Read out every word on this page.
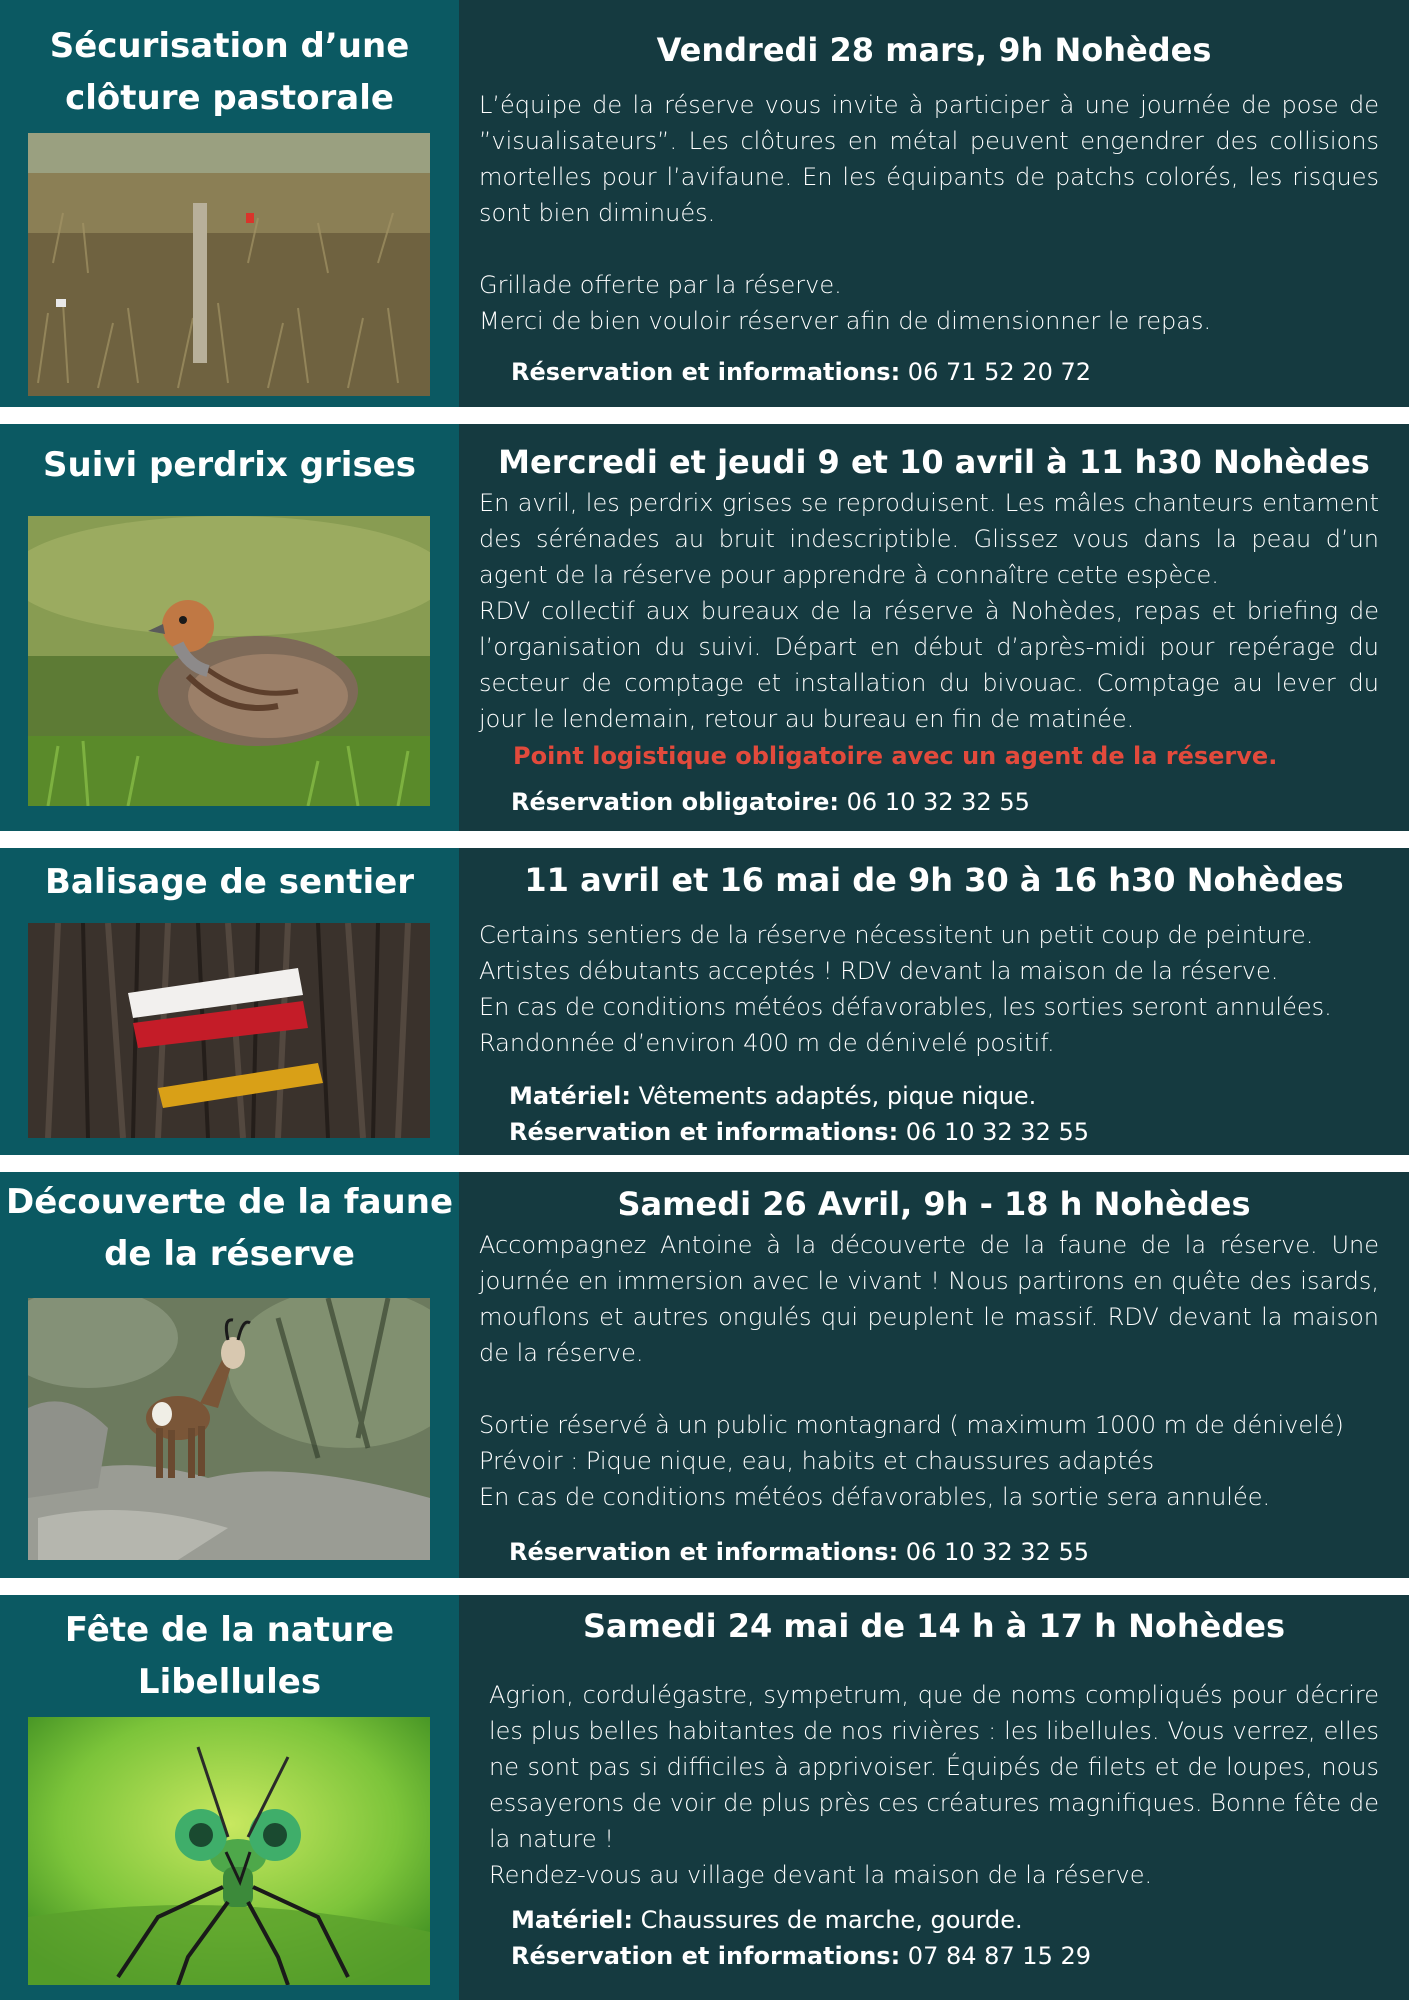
Sécurisation d’une
clôture pastorale
Vendredi 28 mars, 9h Nohèdes

L’équipe de la réserve vous invite à participer à une journée de pose de ”visualisateurs”. Les clôtures en métal peuvent engendrer des collisions mortelles pour l’avifaune. En les équipants de patchs colorés, les risques sont bien diminués.

Grillade offerte par la réserve.

Merci de bien vouloir réserver afin de dimensionner le repas.

Réservation et informations: 06 71 52 20 72
Suivi perdrix grises	Mercredi et jeudi 9 et 10 avril à 11 h30 Nohèdes

En avril, les perdrix grises se reproduisent. Les mâles chanteurs entament des sérénades au bruit indescriptible. Glissez vous dans la peau d’un agent de la réserve pour apprendre à connaître cette espèce.

RDV collectif aux bureaux de la réserve à Nohèdes, repas et briefing de l’organisation du suivi. Départ en début d’après-midi pour repérage du secteur de comptage et installation du bivouac. Comptage au lever du jour le lendemain, retour au bureau en fin de matinée.

Point logistique obligatoire avec un agent de la réserve.
Réservation obligatoire: 06 10 32 32 55
Balisage de sentier	11 avril et 16 mai de 9h 30 à 16 h30 Nohèdes

Certains sentiers de la réserve nécessitent un petit coup de peinture.

Artistes débutants acceptés ! RDV devant la maison de la réserve.

En cas de conditions météos défavorables, les sorties seront annulées.

Randonnée d’environ 400 m de dénivelé positif.

Matériel: Vêtements adaptés, pique nique.
Réservation et informations: 06 10 32 32 55
Découverte de la faune
de la réserve
Samedi 26 Avril, 9h - 18 h Nohèdes

Accompagnez Antoine à la découverte de la faune de la réserve. Une journée en immersion avec le vivant ! Nous partirons en quête des isards, mouflons et autres ongulés qui peuplent le massif. RDV devant la maison de la réserve.

Sortie réservé à un public montagnard ( maximum 1000 m de dénivelé)

Prévoir : Pique nique, eau, habits et chaussures adaptés

En cas de conditions météos défavorables, la sortie sera annulée.

Réservation et informations: 06 10 32 32 55
Fête de la nature
Libellules
Samedi 24 mai de 14 h à 17 h Nohèdes

Agrion, cordulégastre, sympetrum, que de noms compliqués pour décrire les plus belles habitantes de nos rivières : les libellules. Vous verrez, elles ne sont pas si difficiles à apprivoiser. Équipés de filets et de loupes, nous essayerons de voir de plus près ces créatures magnifiques. Bonne fête de la nature !

Rendez-vous au village devant la maison de la réserve.

Matériel: Chaussures de marche, gourde.
Réservation et informations: 07 84 87 15 29
